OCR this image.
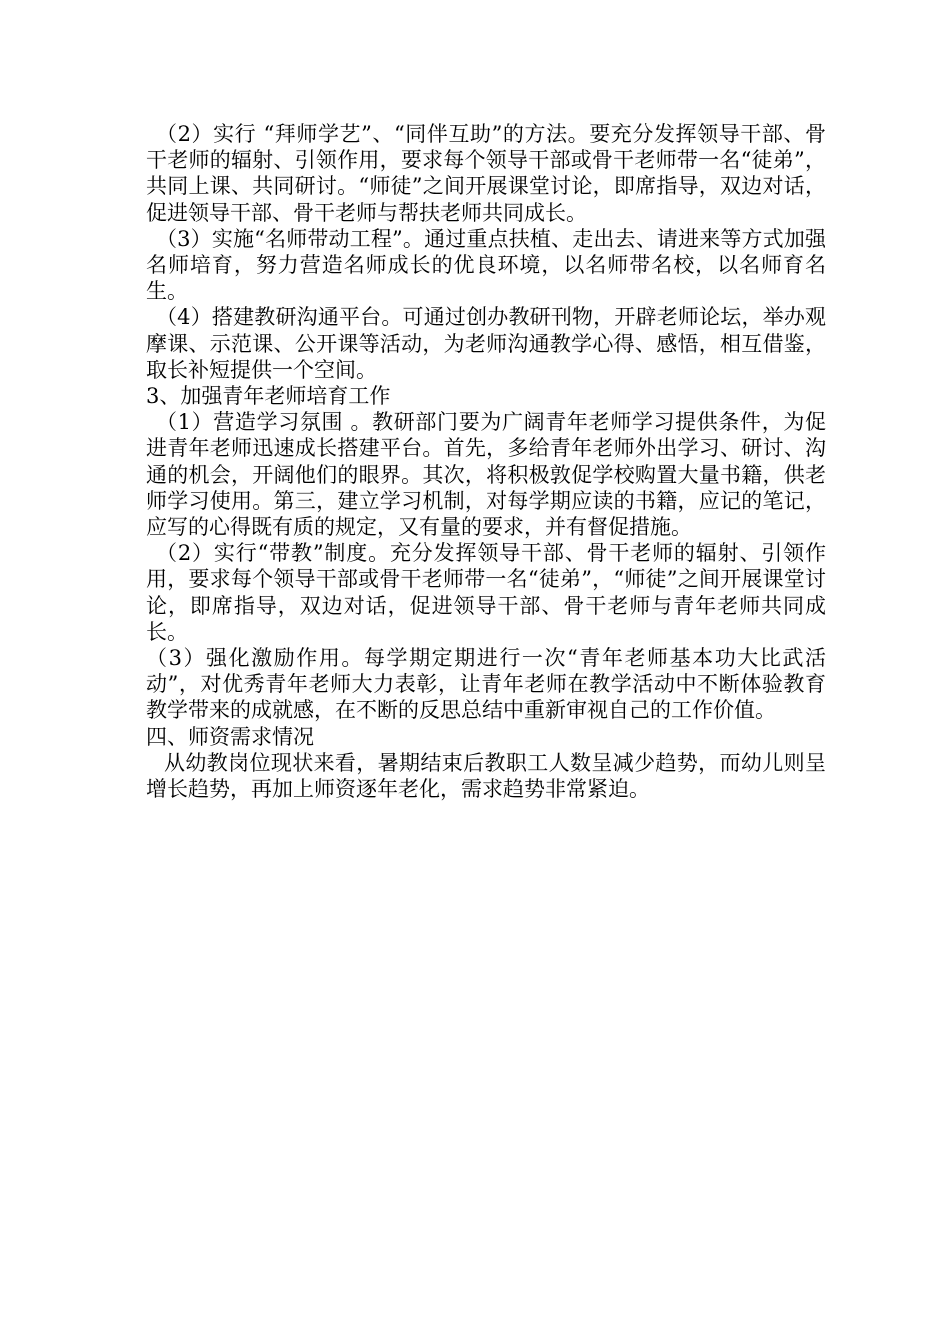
（2）实行 “拜师学艺”、“同伴互助”的方法。要充分发挥领导干部、骨干老师的辐射、引领作用，要求每个领导干部或骨干老师带一名“徒弟”，共同上课、共同研讨。“师徒”之间开展课堂讨论，即席指导，双边对话，促进领导干部、骨干老师与帮扶老师共同成长。

（3）实施“名师带动工程”。通过重点扶植、走出去、请进来等方式加强名师培育，努力营造名师成长的优良环境，以名师带名校，以名师育名生。

（4）搭建教研沟通平台。可通过创办教研刊物，开辟老师论坛，举办观摩课、示范课、公开课等活动，为老师沟通教学心得、感悟，相互借鉴，取长补短提供一个空间。

3、加强青年老师培育工作

（1）营造学习氛围 。教研部门要为广阔青年老师学习提供条件，为促进青年老师迅速成长搭建平台。首先，多给青年老师外出学习、研讨、沟通的机会，开阔他们的眼界。其次，将积极敦促学校购置大量书籍，供老师学习使用。第三，建立学习机制，对每学期应读的书籍，应记的笔记，应写的心得既有质的规定，又有量的要求，并有督促措施。

（2）实行“带教”制度。充分发挥领导干部、骨干老师的辐射、引领作用，要求每个领导干部或骨干老师带一名“徒弟”，“师徒”之间开展课堂讨论，即席指导，双边对话，促进领导干部、骨干老师与青年老师共同成长。

（3）强化激励作用。每学期定期进行一次“青年老师基本功大比武活动”，对优秀青年老师大力表彰，让青年老师在教学活动中不断体验教育教学带来的成就感，在不断的反思总结中重新审视自己的工作价值。

四、师资需求情况

从幼教岗位现状来看，暑期结束后教职工人数呈减少趋势，而幼儿则呈增长趋势，再加上师资逐年老化，需求趋势非常紧迫。
